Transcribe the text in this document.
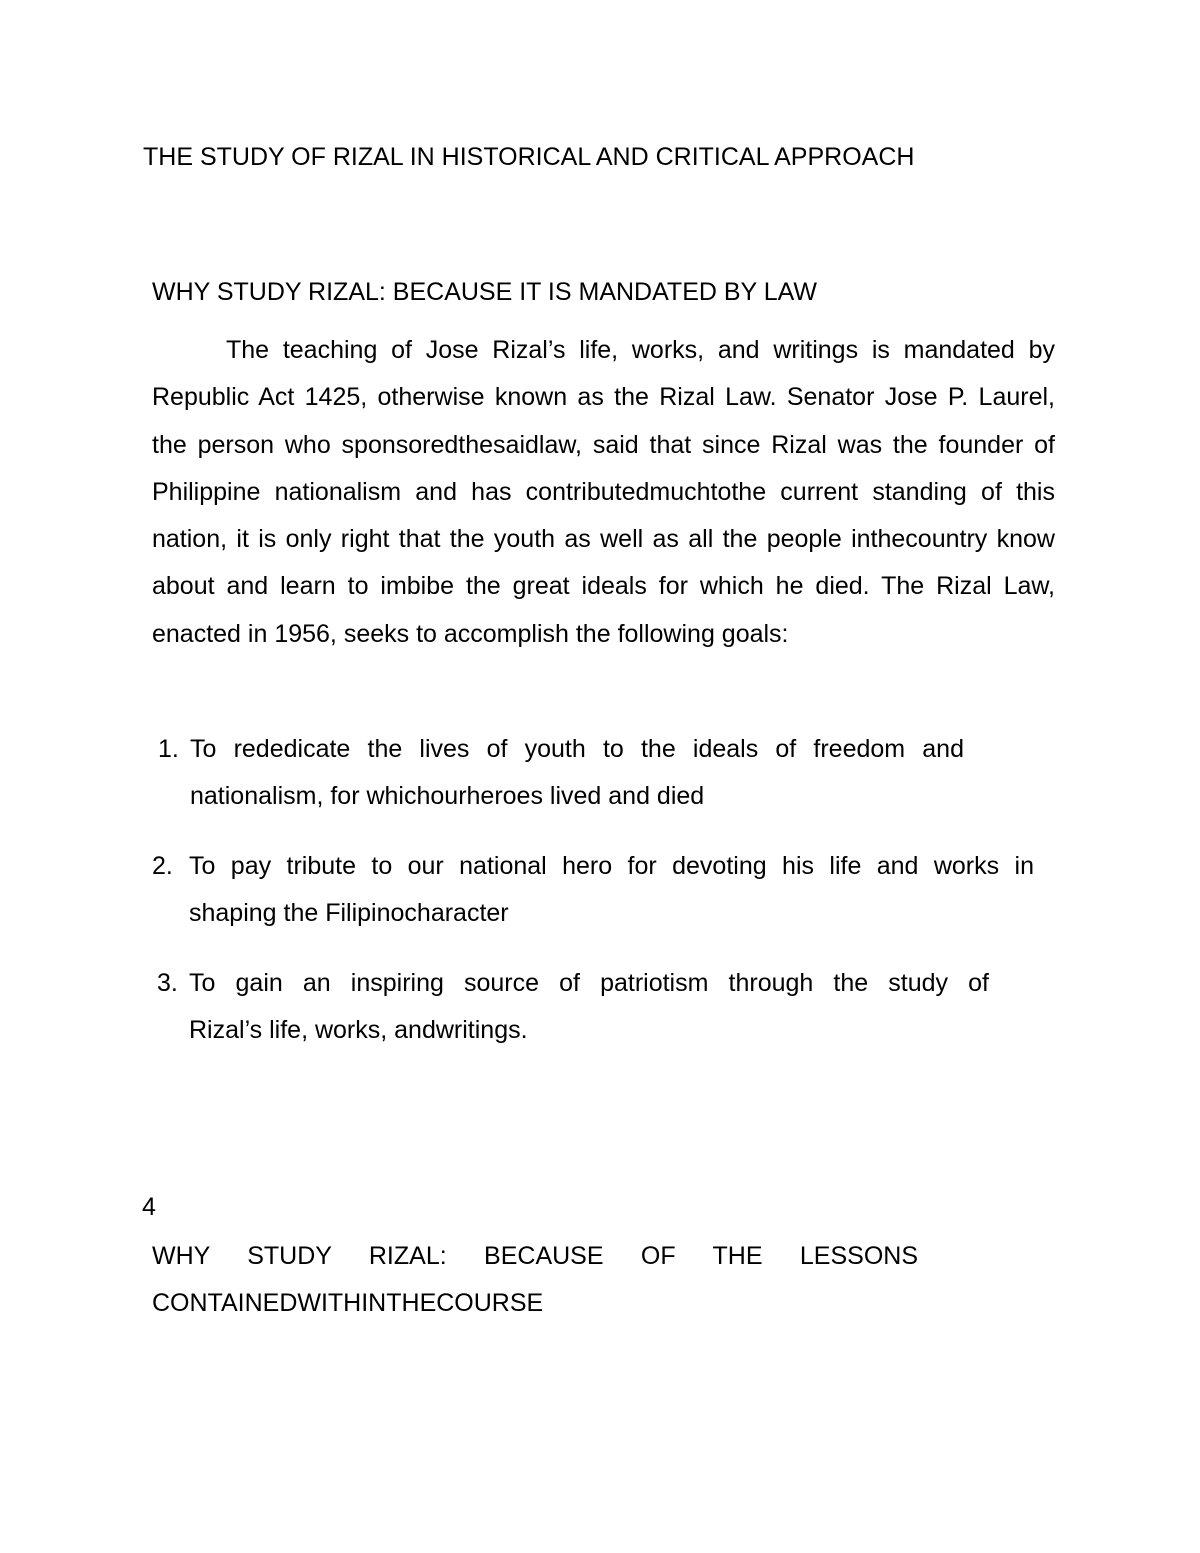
THE STUDY OF RIZAL IN HISTORICAL AND CRITICAL APPROACH
WHY STUDY RIZAL: BECAUSE IT IS MANDATED BY LAW

The teaching of Jose Rizal’s life, works, and writings is mandated by Republic Act 1425, otherwise known as the Rizal Law. Senator Jose P. Laurel, the person who sponsoredthesaidlaw, said that since Rizal was the founder of Philippine nationalism and has contributedmuchtothe current standing of this nation, it is only right that the youth as well as all the people inthecountry know about and learn to imbibe the great ideals for which he died. The Rizal Law, enacted in 1956, seeks to accomplish the following goals:

1. To rededicate the lives of youth to the ideals of freedom and
nationalism, for whichourheroes lived and died
2. To pay tribute to our national hero for devoting his life and works in
shaping the Filipinocharacter
3. To gain an inspiring source of patriotism through the study of
Rizal’s life, works, andwritings.
4
WHY STUDY RIZAL: BECAUSE OF THE LESSONS
CONTAINEDWITHINTHECOURSE
